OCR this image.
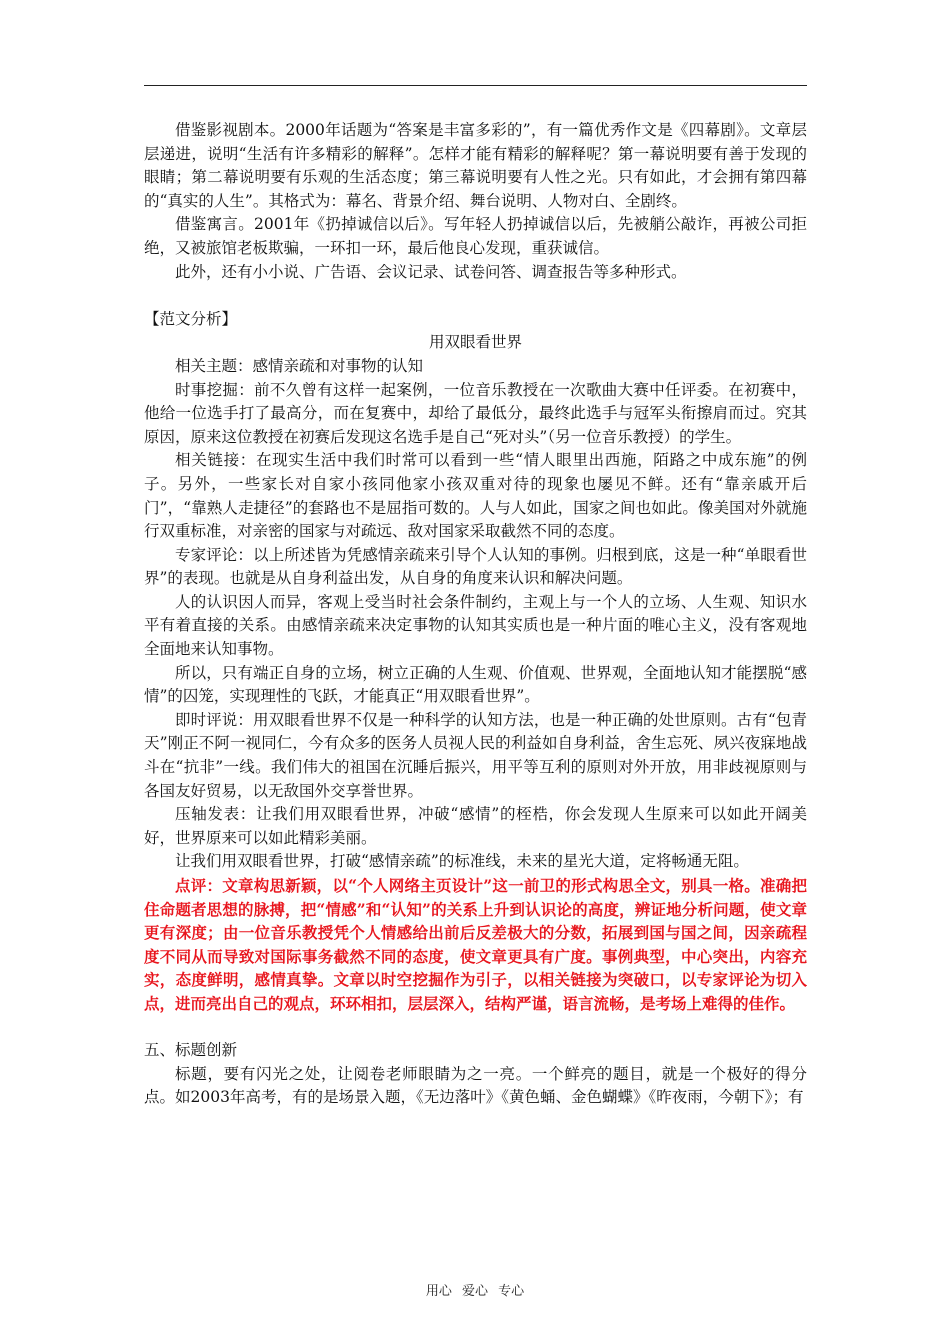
借鉴影视剧本。2000年话题为“答案是丰富多彩的”，有一篇优秀作文是《四幕剧》。文章层层递进，说明“生活有许多精彩的解释”。怎样才能有精彩的解释呢？第一幕说明要有善于发现的眼睛；第二幕说明要有乐观的生活态度；第三幕说明要有人性之光。只有如此，才会拥有第四幕的“真实的人生”。其格式为：幕名、背景介绍、舞台说明、人物对白、全剧终。

借鉴寓言。2001年《扔掉诚信以后》。写年轻人扔掉诚信以后，先被艄公敲诈，再被公司拒绝，又被旅馆老板欺骗，一环扣一环，最后他良心发现，重获诚信。

此外，还有小小说、广告语、会议记录、试卷问答、调查报告等多种形式。

【范文分析】

用双眼看世界

相关主题：感情亲疏和对事物的认知

时事挖掘：前不久曾有这样一起案例，一位音乐教授在一次歌曲大赛中任评委。在初赛中，他给一位选手打了最高分，而在复赛中，却给了最低分，最终此选手与冠军头衔擦肩而过。究其原因，原来这位教授在初赛后发现这名选手是自己“死对头”（另一位音乐教授）的学生。

相关链接：在现实生活中我们时常可以看到一些“情人眼里出西施，陌路之中成东施”的例子。另外，一些家长对自家小孩同他家小孩双重对待的现象也屡见不鲜。还有“靠亲戚开后门”，“靠熟人走捷径”的套路也不是屈指可数的。人与人如此，国家之间也如此。像美国对外就施行双重标准，对亲密的国家与对疏远、敌对国家采取截然不同的态度。

专家评论：以上所述皆为凭感情亲疏来引导个人认知的事例。归根到底，这是一种“单眼看世界”的表现。也就是从自身利益出发，从自身的角度来认识和解决问题。

人的认识因人而异，客观上受当时社会条件制约，主观上与一个人的立场、人生观、知识水平有着直接的关系。由感情亲疏来决定事物的认知其实质也是一种片面的唯心主义，没有客观地全面地来认知事物。

所以，只有端正自身的立场，树立正确的人生观、价值观、世界观，全面地认知才能摆脱“感情”的囚笼，实现理性的飞跃，才能真正“用双眼看世界”。

即时评说：用双眼看世界不仅是一种科学的认知方法，也是一种正确的处世原则。古有“包青天”刚正不阿一视同仁，今有众多的医务人员视人民的利益如自身利益，舍生忘死、夙兴夜寐地战斗在“抗非”一线。我们伟大的祖国在沉睡后振兴，用平等互利的原则对外开放，用非歧视原则与各国友好贸易，以无敌国外交享誉世界。

压轴发表：让我们用双眼看世界，冲破“感情”的桎梏，你会发现人生原来可以如此开阔美好，世界原来可以如此精彩美丽。

让我们用双眼看世界，打破“感情亲疏”的标准线，未来的星光大道，定将畅通无阻。

点评：文章构思新颖，以“个人网络主页设计”这一前卫的形式构思全文，别具一格。准确把住命题者思想的脉搏，把“情感”和“认知”的关系上升到认识论的高度，辨证地分析问题，使文章更有深度；由一位音乐教授凭个人情感给出前后反差极大的分数，拓展到国与国之间，因亲疏程度不同从而导致对国际事务截然不同的态度，使文章更具有广度。事例典型，中心突出，内容充实，态度鲜明，感情真挚。文章以时空挖掘作为引子，以相关链接为突破口，以专家评论为切入点，进而亮出自己的观点，环环相扣，层层深入，结构严谨，语言流畅，是考场上难得的佳作。

五、标题创新

标题，要有闪光之处，让阅卷老师眼睛为之一亮。一个鲜亮的题目，就是一个极好的得分点。如2003年高考，有的是场景入题，《无边落叶》《黄色蛹、金色蝴蝶》《昨夜雨，今朝下》；有

用心 爱心 专心
